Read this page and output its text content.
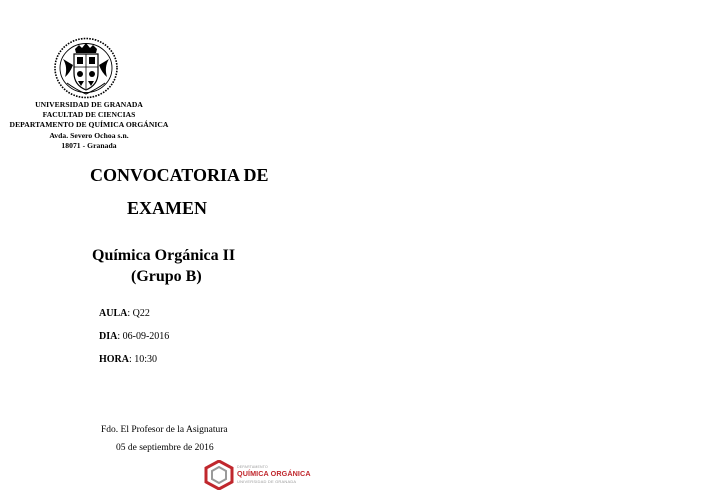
UNIVERSIDAD DE GRANADA
FACULTAD DE CIENCIAS
DEPARTAMENTO DE QUÍMICA ORGÁNICA
Avda. Severo Ochoa s.n.
18071 - Granada
CONVOCATORIA DE
EXAMEN
Química Orgánica II
(Grupo B)
AULA: Q22
DIA: 06-09-2016
HORA: 10:30
Fdo. El Profesor de la Asignatura
05 de septiembre de 2016
DEPARTAMENTO
QUÍMICA ORGÁNICA
UNIVERSIDAD DE GRANADA
